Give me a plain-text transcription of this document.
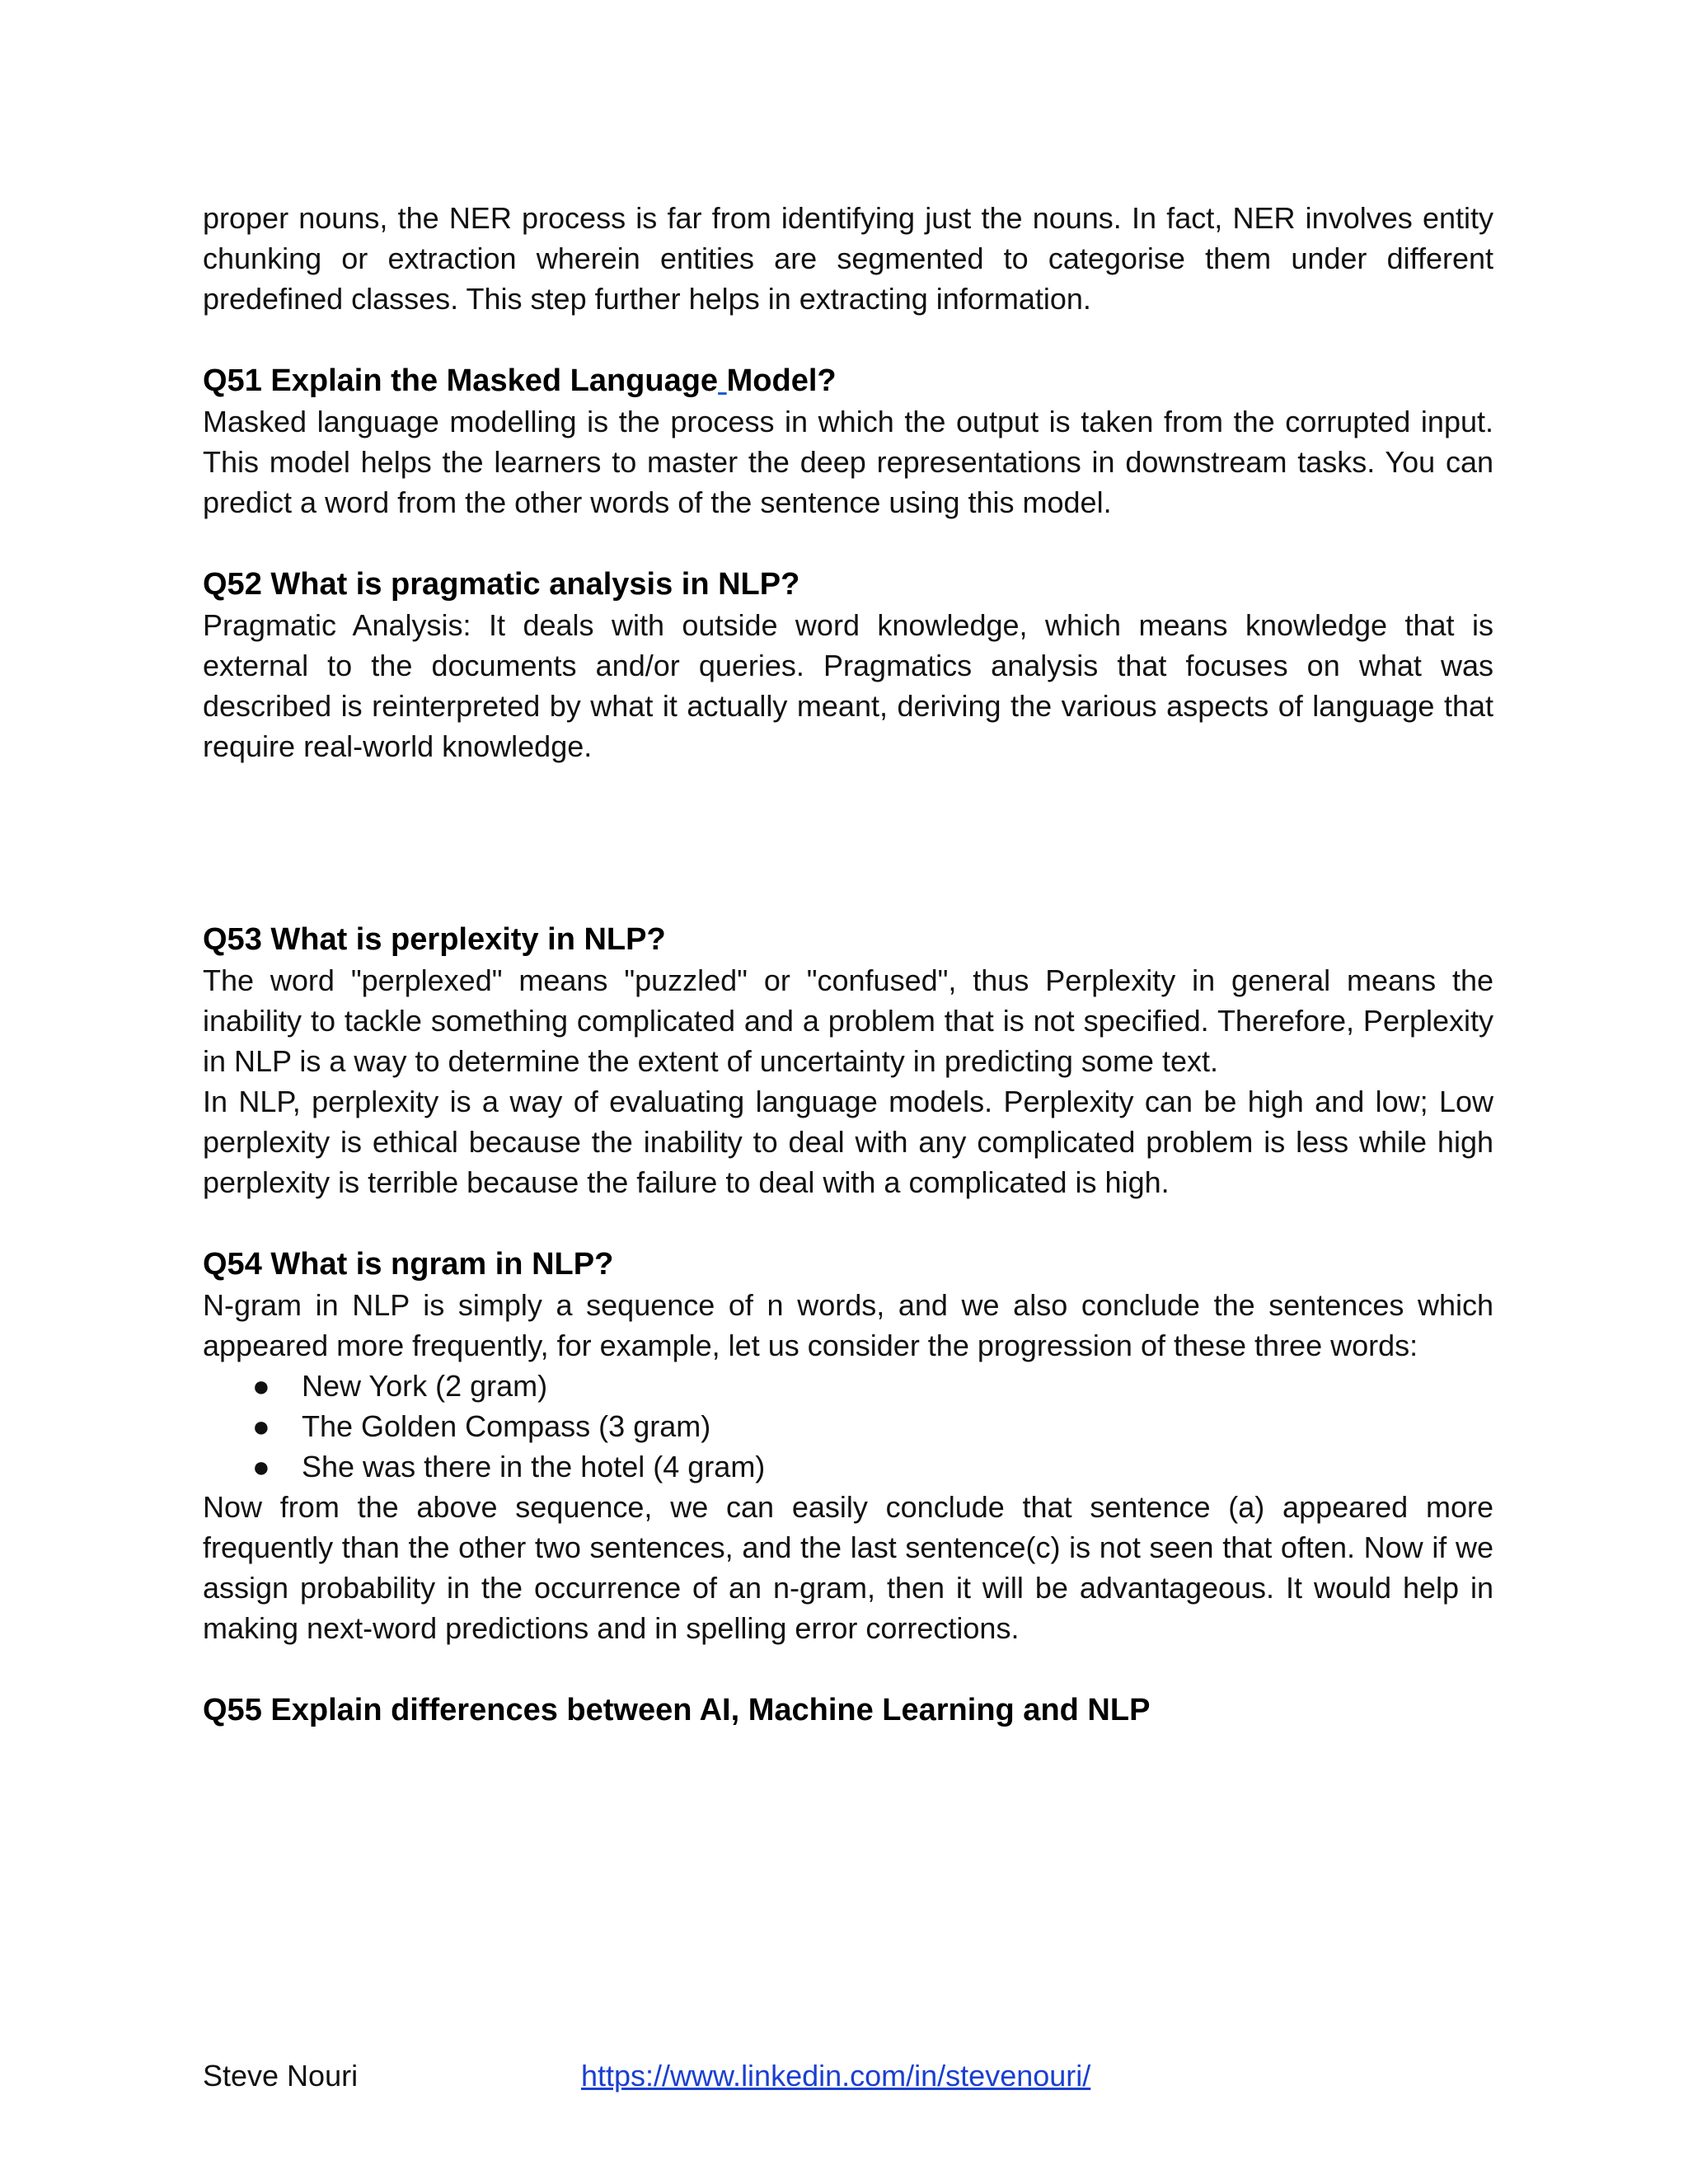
proper nouns, the NER process is far from identifying just the nouns. In fact, NER involves entity chunking or extraction wherein entities are segmented to categorise them under different predefined classes. This step further helps in extracting information.

Q51 Explain the Masked Language Model?

Masked language modelling is the process in which the output is taken from the corrupted input. This model helps the learners to master the deep representations in downstream tasks. You can predict a word from the other words of the sentence using this model.

Q52 What is pragmatic analysis in NLP?

Pragmatic Analysis: It deals with outside word knowledge, which means knowledge that is external to the documents and/or queries. Pragmatics analysis that focuses on what was described is reinterpreted by what it actually meant, deriving the various aspects of language that require real-world knowledge.

Q53 What is perplexity in NLP?

The word "perplexed" means "puzzled" or "confused", thus Perplexity in general means the inability to tackle something complicated and a problem that is not specified. Therefore, Perplexity in NLP is a way to determine the extent of uncertainty in predicting some text.

In NLP, perplexity is a way of evaluating language models. Perplexity can be high and low; Low perplexity is ethical because the inability to deal with any complicated problem is less while high perplexity is terrible because the failure to deal with a complicated is high.

Q54 What is ngram in NLP?

N-gram in NLP is simply a sequence of n words, and we also conclude the sentences which appeared more frequently, for example, let us consider the progression of these three words:

● New York (2 gram)
● The Golden Compass (3 gram)
● She was there in the hotel (4 gram)

Now from the above sequence, we can easily conclude that sentence (a) appeared more frequently than the other two sentences, and the last sentence(c) is not seen that often. Now if we assign probability in the occurrence of an n-gram, then it will be advantageous. It would help in making next-word predictions and in spelling error corrections.

Q55 Explain differences between AI, Machine Learning and NLP
Steve Nouri	https://www.linkedin.com/in/stevenouri/
